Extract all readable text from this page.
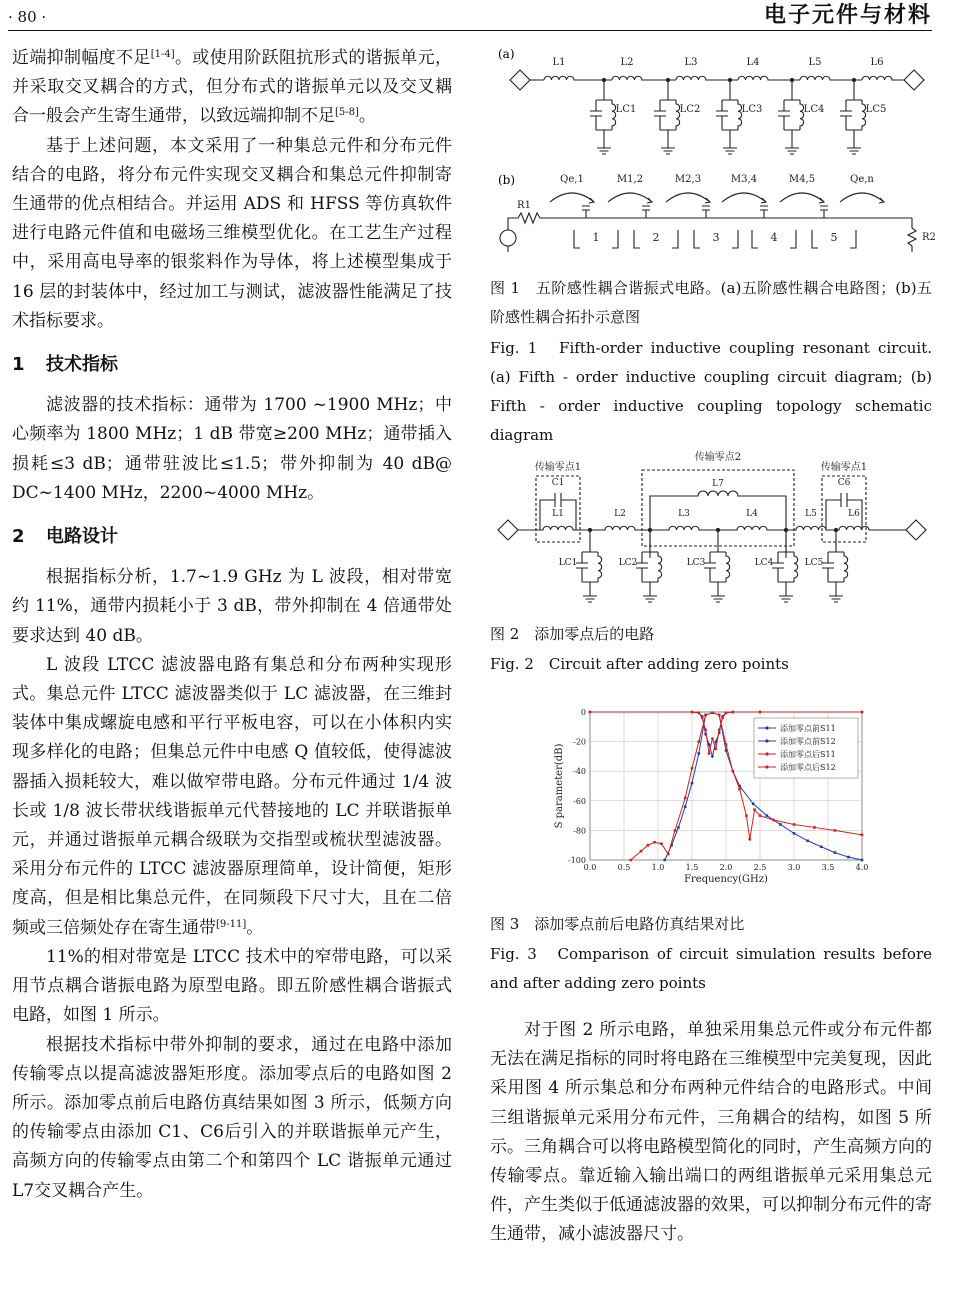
· 80 ·	电子元件与材料

近端抑制幅度不足[1-4]。或使用阶跃阻抗形式的谐振单元，并采取交叉耦合的方式，但分布式的谐振单元以及交叉耦合一般会产生寄生通带，以致远端抑制不足[5-8]。

基于上述问题，本文采用了一种集总元件和分布元件结合的电路，将分布元件实现交叉耦合和集总元件抑制寄生通带的优点相结合。并运用 ADS 和 HFSS 等仿真软件进行电路元件值和电磁场三维模型优化。在工艺生产过程中，采用高电导率的银浆料作为导体，将上述模型集成于 16 层的封装体中，经过加工与测试，滤波器性能满足了技术指标要求。

1 技术指标

滤波器的技术指标：通带为 1700 ~1900 MHz；中心频率为 1800 MHz；1 dB 带宽≥200 MHz；通带插入损耗≤3 dB；通带驻波比≤1.5；带外抑制为 40 dB@ DC~1400 MHz，2200~4000 MHz。

2 电路设计

根据指标分析，1.7~1.9 GHz 为 L 波段，相对带宽约 11%，通带内损耗小于 3 dB，带外抑制在 4 倍通带处要求达到 40 dB。

L 波段 LTCC 滤波器电路有集总和分布两种实现形式。集总元件 LTCC 滤波器类似于 LC 滤波器，在三维封装体中集成螺旋电感和平行平板电容，可以在小体积内实现多样化的电路；但集总元件中电感 Q 值较低，使得滤波器插入损耗较大，难以做窄带电路。分布元件通过 1/4 波长或 1/8 波长带状线谐振单元代替接地的 LC 并联谐振单元，并通过谐振单元耦合级联为交指型或梳状型滤波器。采用分布元件的 LTCC 滤波器原理简单，设计简便，矩形度高，但是相比集总元件，在同频段下尺寸大，且在二倍频或三倍频处存在寄生通带[9-11]。

11%的相对带宽是 LTCC 技术中的窄带电路，可以采用节点耦合谐振电路为原型电路。即五阶感性耦合谐振式电路，如图 1 所示。

根据技术指标中带外抑制的要求，通过在电路中添加传输零点以提高滤波器矩形度。添加零点后的电路如图 2 所示。添加零点前后电路仿真结果如图 3 所示，低频方向的传输零点由添加 C1、C6后引入的并联谐振单元产生，高频方向的传输零点由第二个和第四个 LC 谐振单元通过 L7交叉耦合产生。

(a)
(b)
L1	L2	L3	L4	L5	L6
LC1	LC2	LC3	LC4	LC5
R1
1	2	3	4	5	R2
Qe,1	M1,2	M2,3	M3,4	M4,5	Qe,n
图 1　五阶感性耦合谐振式电路。(a)五阶感性耦合电路图；(b)五阶感性耦合拓扑示意图
Fig. 1　Fifth-order inductive coupling resonant circuit. (a) Fifth - order inductive coupling circuit diagram; (b) Fifth - order inductive coupling topology schematic diagram
传输零点1
传输零点2
传输零点1
C1	C6
L7
L1	L2	L3	L4	L5	L6
LC1	LC2	LC3	LC4	LC5
图 2　添加零点后的电路
Fig. 2　Circuit after adding zero points
0.0	0.5	1.0	1.5	2.0	2.5	3.0	3.5	4.0
0
-20
-40
-60
-80
-100
Frequency(GHz)
S parameter(dB)
添加零点前S11
添加零点前S12
添加零点后S11
添加零点后S12
图 3　添加零点前后电路仿真结果对比
Fig. 3　Comparison of circuit simulation results before and after adding zero points

对于图 2 所示电路，单独采用集总元件或分布元件都无法在满足指标的同时将电路在三维模型中完美复现，因此采用图 4 所示集总和分布两种元件结合的电路形式。中间三组谐振单元采用分布元件，三角耦合的结构，如图 5 所示。三角耦合可以将电路模型简化的同时，产生高频方向的传输零点。靠近输入输出端口的两组谐振单元采用集总元件，产生类似于低通滤波器的效果，可以抑制分布元件的寄生通带，减小滤波器尺寸。
